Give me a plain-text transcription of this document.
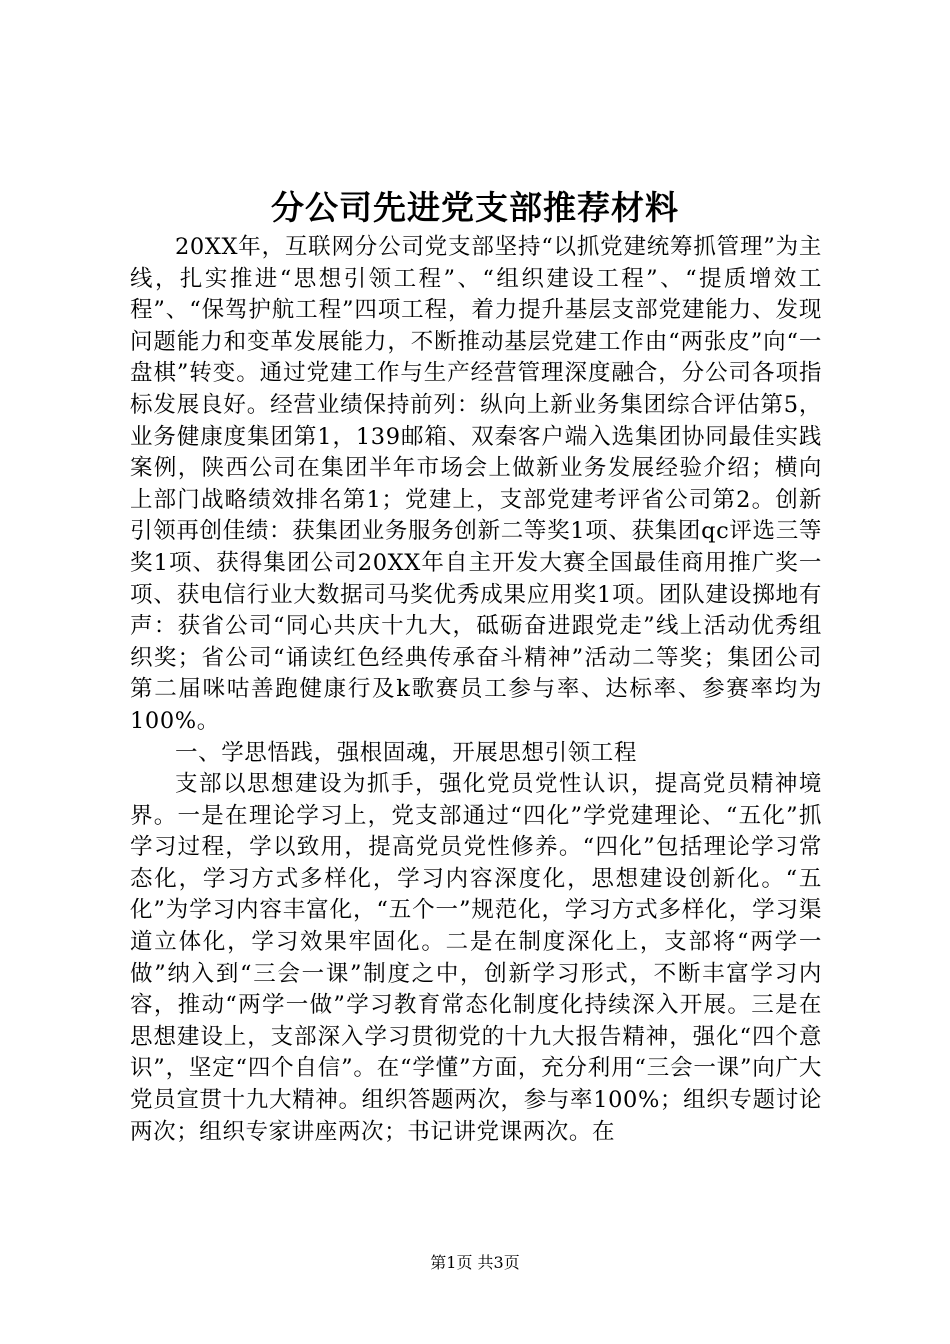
分公司先进党支部推荐材料

20XX年，互联网分公司党支部坚持“以抓党建统筹抓管理”为主线，扎实推进“思想引领工程”、“组织建设工程”、“提质增效工程”、“保驾护航工程”四项工程，着力提升基层支部党建能力、发现问题能力和变革发展能力，不断推动基层党建工作由“两张皮”向“一盘棋”转变。通过党建工作与生产经营管理深度融合，分公司各项指标发展良好。经营业绩保持前列：纵向上新业务集团综合评估第5，业务健康度集团第1，139邮箱、双秦客户端入选集团协同最佳实践案例，陕西公司在集团半年市场会上做新业务发展经验介绍；横向上部门战略绩效排名第1；党建上，支部党建考评省公司第2。创新引领再创佳绩：获集团业务服务创新二等奖1项、获集团qc评选三等奖1项、获得集团公司20XX年自主开发大赛全国最佳商用推广奖一项、获电信行业大数据司马奖优秀成果应用奖1项。团队建设掷地有声：获省公司“同心共庆十九大，砥砺奋进跟党走”线上活动优秀组织奖；省公司“诵读红色经典传承奋斗精神”活动二等奖；集团公司第二届咪咕善跑健康行及k歌赛员工参与率、达标率、参赛率均为100%。

一、学思悟践，强根固魂，开展思想引领工程

支部以思想建设为抓手，强化党员党性认识，提高党员精神境界。一是在理论学习上，党支部通过“四化”学党建理论、“五化”抓学习过程，学以致用，提高党员党性修养。“四化”包括理论学习常态化，学习方式多样化，学习内容深度化，思想建设创新化。“五化”为学习内容丰富化，“五个一”规范化，学习方式多样化，学习渠道立体化，学习效果牢固化。二是在制度深化上，支部将“两学一做”纳入到“三会一课”制度之中，创新学习形式，不断丰富学习内容，推动“两学一做”学习教育常态化制度化持续深入开展。三是在思想建设上，支部深入学习贯彻党的十九大报告精神，强化“四个意识”，坚定“四个自信”。在“学懂”方面，充分利用“三会一课”向广大党员宣贯十九大精神。组织答题两次，参与率100%；组织专题讨论两次；组织专家讲座两次；书记讲党课两次。在

第1页 共3页
